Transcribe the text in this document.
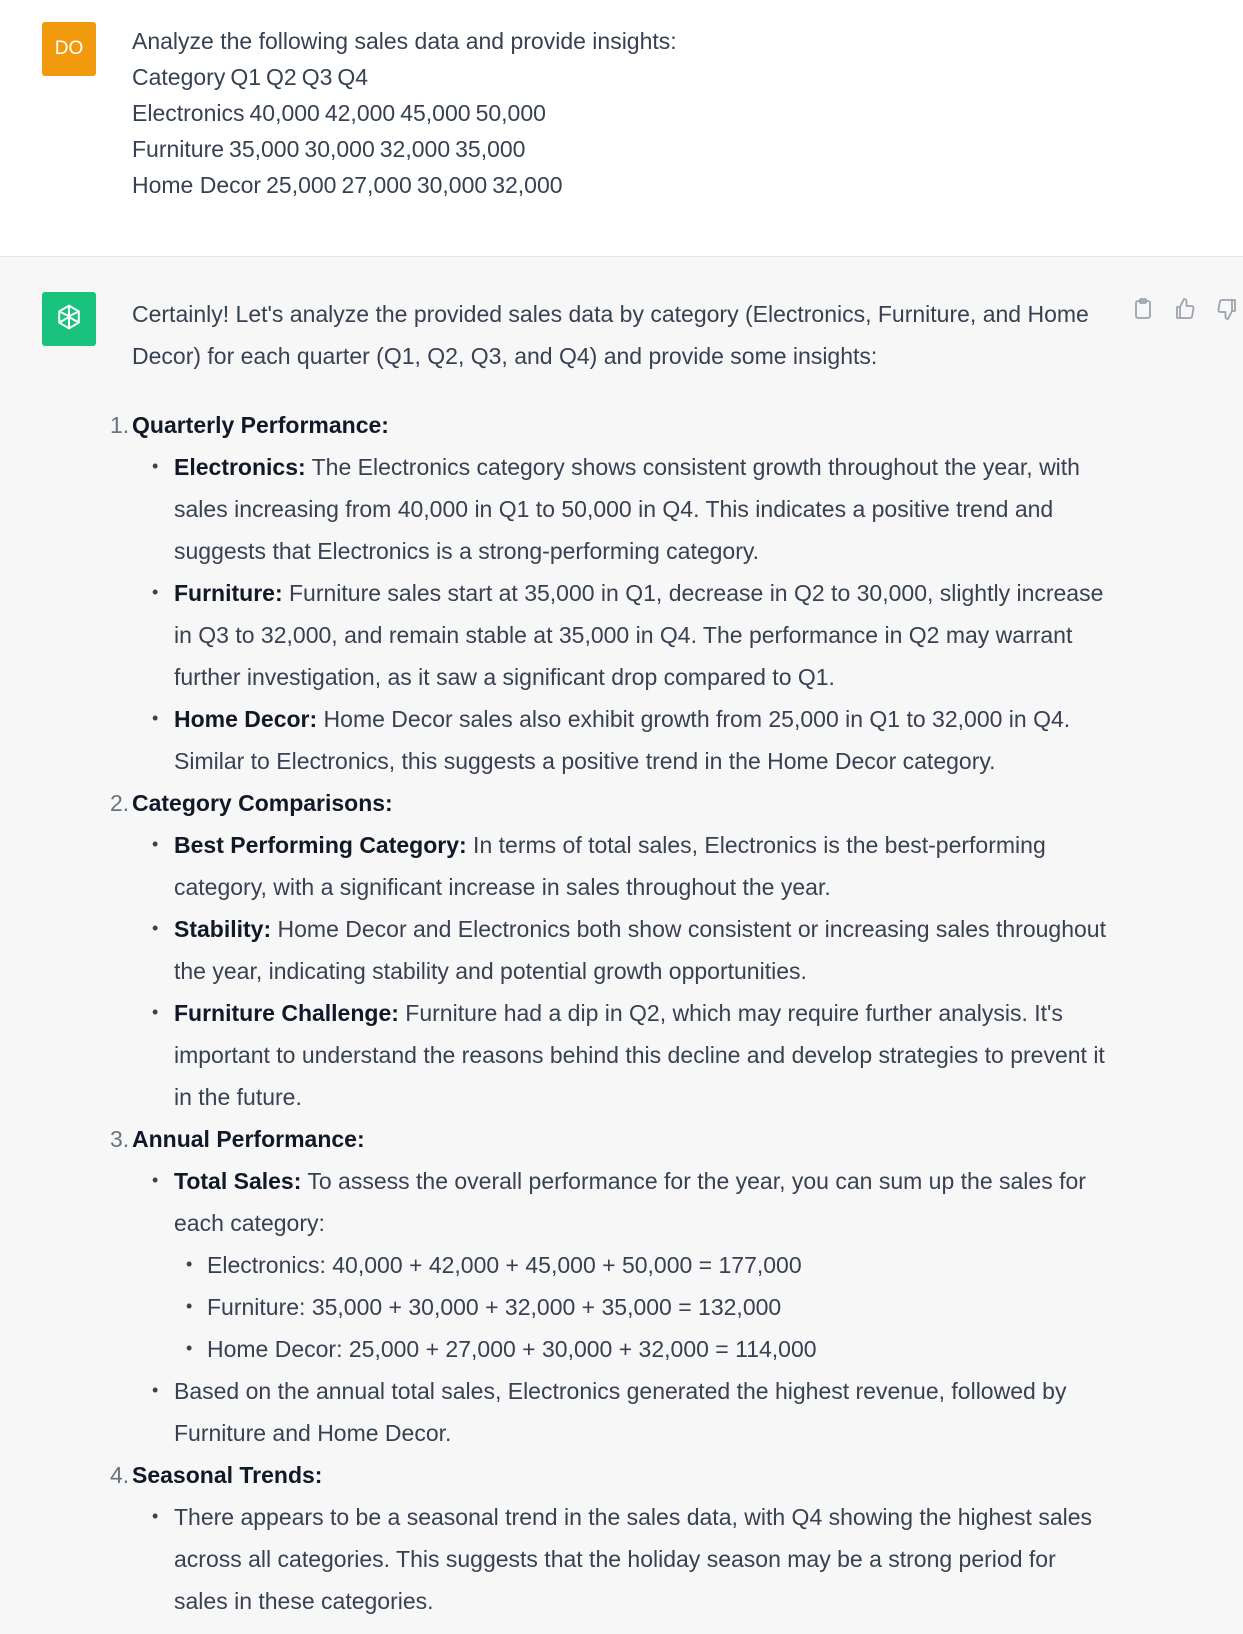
DO Analyze the following sales data and provide insights:
Category Q1 Q2 Q3 Q4
Electronics 40,000 42,000 45,000 50,000
Furniture 35,000 30,000 32,000 35,000
Home Decor 25,000 27,000 30,000 32,000

Certainly! Let's analyze the provided sales data by category (Electronics, Furniture, and Home Decor) for each quarter (Q1, Q2, Q3, and Q4) and provide some insights:

1. Quarterly Performance:
• Electronics: The Electronics category shows consistent growth throughout the year, with sales increasing from 40,000 in Q1 to 50,000 in Q4. This indicates a positive trend and suggests that Electronics is a strong-performing category.
• Furniture: Furniture sales start at 35,000 in Q1, decrease in Q2 to 30,000, slightly increase in Q3 to 32,000, and remain stable at 35,000 in Q4. The performance in Q2 may warrant further investigation, as it saw a significant drop compared to Q1.
• Home Decor: Home Decor sales also exhibit growth from 25,000 in Q1 to 32,000 in Q4. Similar to Electronics, this suggests a positive trend in the Home Decor category.
2. Category Comparisons:
• Best Performing Category: In terms of total sales, Electronics is the best-performing category, with a significant increase in sales throughout the year.
• Stability: Home Decor and Electronics both show consistent or increasing sales throughout the year, indicating stability and potential growth opportunities.
• Furniture Challenge: Furniture had a dip in Q2, which may require further analysis. It's important to understand the reasons behind this decline and develop strategies to prevent it in the future.
3. Annual Performance:
• Total Sales: To assess the overall performance for the year, you can sum up the sales for each category:
• Electronics: 40,000 + 42,000 + 45,000 + 50,000 = 177,000
• Furniture: 35,000 + 30,000 + 32,000 + 35,000 = 132,000
• Home Decor: 25,000 + 27,000 + 30,000 + 32,000 = 114,000
• Based on the annual total sales, Electronics generated the highest revenue, followed by Furniture and Home Decor.
4. Seasonal Trends:
• There appears to be a seasonal trend in the sales data, with Q4 showing the highest sales across all categories. This suggests that the holiday season may be a strong period for sales in these categories.
